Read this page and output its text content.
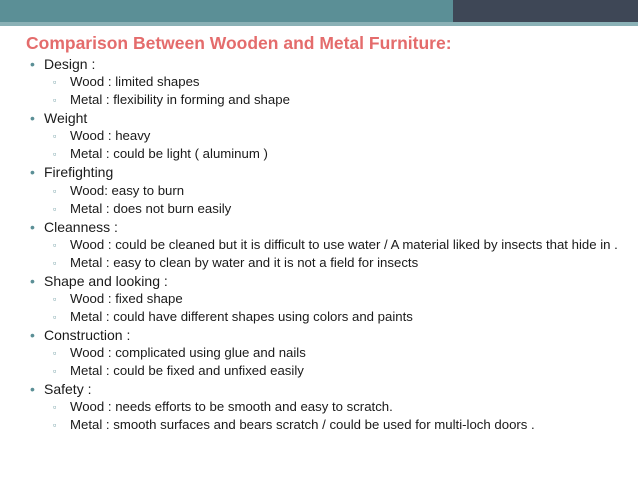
Comparison Between Wooden and Metal Furniture:
• Design :
▫ Wood : limited shapes
▫ Metal : flexibility in forming and shape
• Weight
▫ Wood : heavy
▫ Metal : could be light ( aluminum )
• Firefighting
▫ Wood: easy to burn
▫ Metal : does not burn easily
• Cleanness :
▫ Wood : could be cleaned but it is difficult to use water / A material liked by insects that hide in .
▫ Metal : easy to clean by water and it is not a field for insects
• Shape and looking :
▫ Wood : fixed shape
▫ Metal : could have different shapes using colors and paints
• Construction :
▫ Wood : complicated using glue and nails
▫ Metal : could be fixed and unfixed easily
• Safety :
▫ Wood : needs efforts to be smooth and easy to scratch.
▫ Metal : smooth surfaces and bears scratch / could be used for multi-loch doors .
